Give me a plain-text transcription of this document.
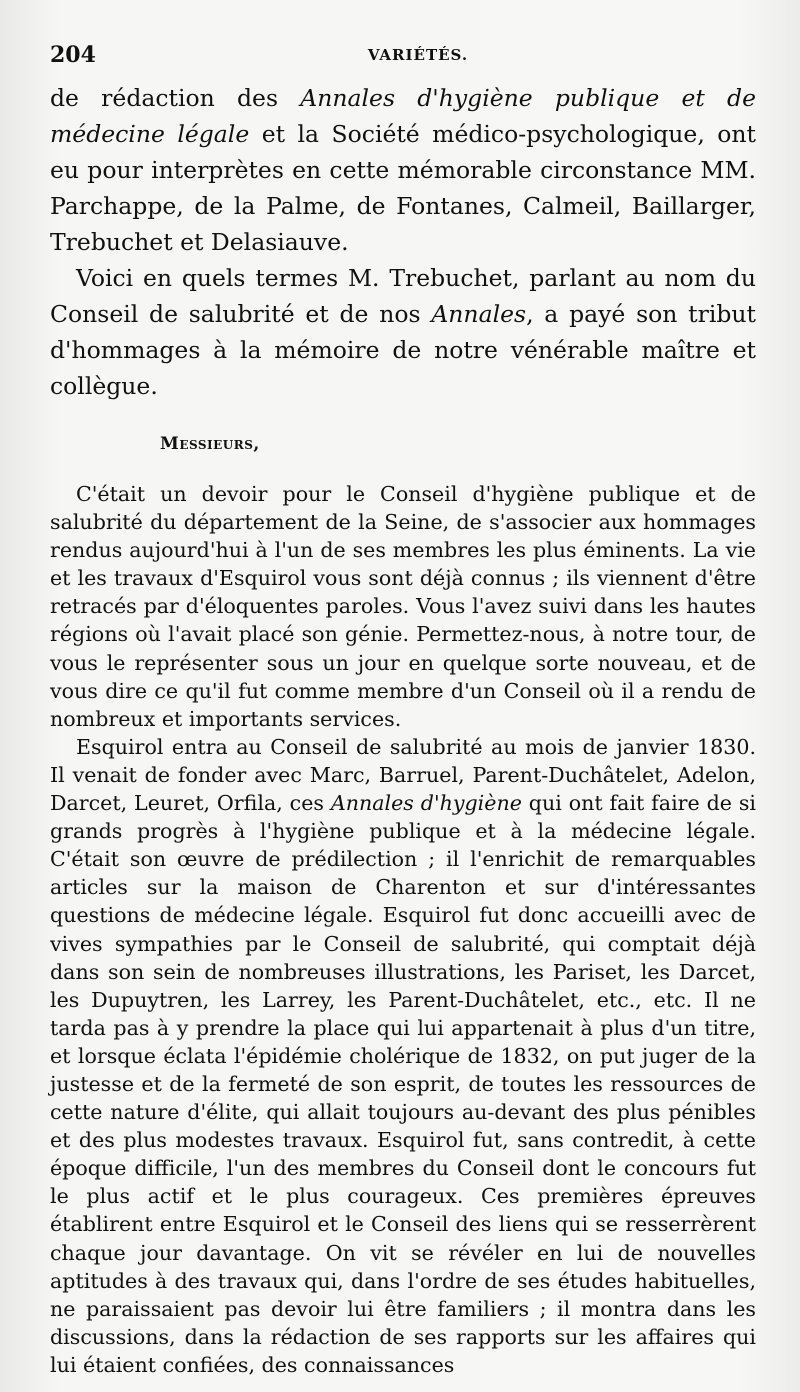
204	VARIÉTÉS.

de rédaction des Annales d'hygiène publique et de médecine légale et la Société médico-psychologique, ont eu pour interprètes en cette mémorable circonstance MM. Parchappe, de la Palme, de Fontanes, Calmeil, Baillarger, Trebuchet et Delasiauve.

Voici en quels termes M. Trebuchet, parlant au nom du Conseil de salubrité et de nos Annales, a payé son tribut d'hommages à la mémoire de notre vénérable maître et collègue.

Messieurs,

C'était un devoir pour le Conseil d'hygiène publique et de salubrité du département de la Seine, de s'associer aux hommages rendus aujourd'hui à l'un de ses membres les plus éminents. La vie et les travaux d'Esquirol vous sont déjà connus ; ils viennent d'être retracés par d'éloquentes paroles. Vous l'avez suivi dans les hautes régions où l'avait placé son génie. Permettez-nous, à notre tour, de vous le représenter sous un jour en quelque sorte nouveau, et de vous dire ce qu'il fut comme membre d'un Conseil où il a rendu de nombreux et importants services.

Esquirol entra au Conseil de salubrité au mois de janvier 1830. Il venait de fonder avec Marc, Barruel, Parent-Duchâtelet, Adelon, Darcet, Leuret, Orfila, ces Annales d'hygiène qui ont fait faire de si grands progrès à l'hygiène publique et à la médecine légale. C'était son œuvre de prédilection ; il l'enrichit de remarquables articles sur la maison de Charenton et sur d'intéressantes questions de médecine légale. Esquirol fut donc accueilli avec de vives sympathies par le Conseil de salubrité, qui comptait déjà dans son sein de nombreuses illustrations, les Pariset, les Darcet, les Dupuytren, les Larrey, les Parent-Duchâtelet, etc., etc. Il ne tarda pas à y prendre la place qui lui appartenait à plus d'un titre, et lorsque éclata l'épidémie cholérique de 1832, on put juger de la justesse et de la fermeté de son esprit, de toutes les ressources de cette nature d'élite, qui allait toujours au-devant des plus pénibles et des plus modestes travaux. Esquirol fut, sans contredit, à cette époque difficile, l'un des membres du Conseil dont le concours fut le plus actif et le plus courageux. Ces premières épreuves établirent entre Esquirol et le Conseil des liens qui se resserrèrent chaque jour davantage. On vit se révéler en lui de nouvelles aptitudes à des travaux qui, dans l'ordre de ses études habituelles, ne paraissaient pas devoir lui être familiers ; il montra dans les discussions, dans la rédaction de ses rapports sur les affaires qui lui étaient confiées, des connaissances
